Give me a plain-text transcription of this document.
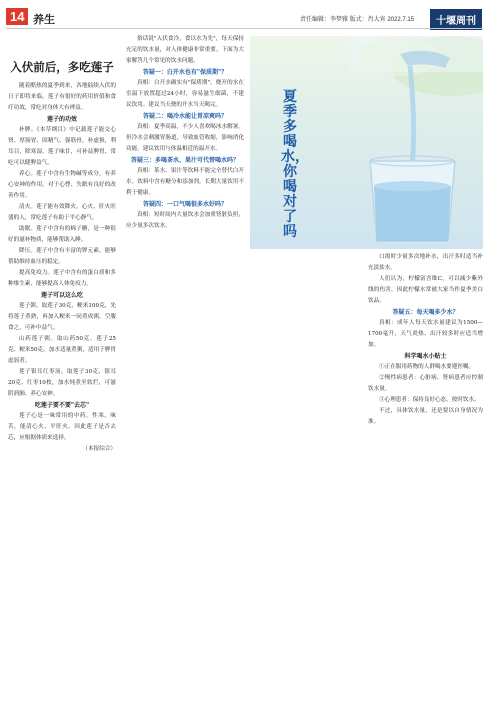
14 养生	责任编辑：李梦雅 版式：肖大宵 2022.7.15	十堰周刊
入伏前后，多吃莲子

随着酷热的夏季到来，各地陆续入伏的日子即将来临。莲子有很好的药用价值和食疗功效，常吃对身体大有裨益。

莲子的功效

补脾。《本草纲目》中记载莲子能交心肾、厚肠胃、固精气、强筋骨，补虚损，利耳目，除寒湿。莲子味甘，可补益脾胃，常吃可以健脾益气。

养心。莲子中含有生物碱等成分，有养心安神的作用，对于心悸、失眠有良好的改善作用。

清火。莲子能有效降火。心火、肝火旺盛的人，常吃莲子有助于平心静气。

助眠。莲子中含有的棉子糖，是一种很好的滋补物质，能够帮助入睡。

降压。莲子中含有丰富的钾元素，能够帮助维持血压的稳定。

提高免疫力。莲子中含有的蛋白质和多种维生素，能够提高人体免疫力。

莲子可以这么吃

莲子粥。取莲子30克、粳米100克，先将莲子煮熟，再加入粳米一同煮成粥，空腹食之，可补中益气。

山药莲子粥。取山药50克、莲子25克、粳米50克，加水适量煮粥，适用于脾胃虚弱者。

莲子银耳红枣汤。取莲子30克、银耳20克、红枣10枚，加水炖煮至软烂，可滋阴润肺、养心安神。

吃莲子要不要"去芯"

莲子心是一味常用的中药，性寒，味苦，能清心火、平肝火。因此莲子是否去芯，应根据体质来选择。

（本报综合）

俗话说"入伏食冷，食以水为先"，每天保持充足的饮水量，对人体健康非常重要。下面为大家解答几个常见的饮水问题。

答疑一：白开水也有"保质期"？

真相：白开水确实有"保质期"。烧开的水在室温下放置超过24小时，容易滋生细菌，不建议饮用。建议当天烧的开水当天喝完。

答疑二：喝冷水能让胃凉爽吗？

真相：夏季高温，不少人喜欢喝冰水解暑。但冷水会刺激胃肠道，导致血管收缩，影响消化功能。建议饮用与体温相近的温开水。

答疑三：多喝茶水、果汁可代替喝水吗？

真相：茶水、果汁等饮料不能完全替代白开水。饮料中含有糖分和添加剂，长期大量饮用不利于健康。

答疑四：一口气喝很多水好吗？

真相：短时间内大量饮水会加重肾脏负担，应少量多次饮水。

夏季多喝水，你喝对了吗

口渴时少量多次地补水，出汗多时适当补充淡盐水。

人们认为，柠檬富含维C，可以减少紫外线的伤害，因此柠檬水常被大家当作夏季美白饮品。

答疑五：每天喝多少水？

真相：成年人每天饮水量建议为1500—1700毫升，天气炎热、出汗较多时应适当增加。

科学喝水小贴士

①正在服用药物的人群喝水要遵医嘱。

②慢性病患者：心脏病、肾病患者应控制饮水量。

③心理患者：保持良好心态，按时饮水。

不过，具体饮水量，还是要以自身情况为准。
